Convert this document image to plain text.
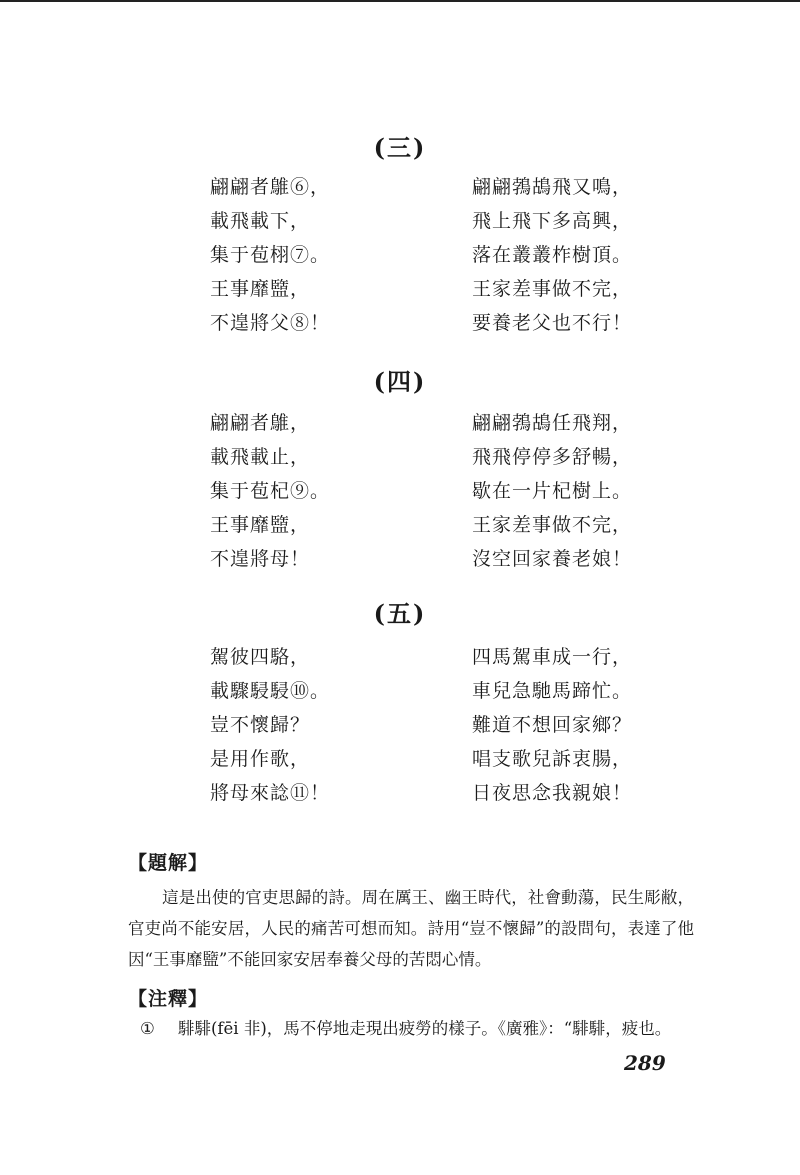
(三)
翩翩者鵻⑥，
載飛載下，
集于苞栩⑦。
王事靡盬，
不遑將父⑧！
翩翩鵓鴣飛又鳴，
飛上飛下多高興，
落在叢叢柞樹頂。
王家差事做不完，
要養老父也不行！
(四)
翩翩者鵻，
載飛載止，
集于苞杞⑨。
王事靡盬，
不遑將母！
翩翩鵓鴣任飛翔，
飛飛停停多舒暢，
歇在一片杞樹上。
王家差事做不完，
沒空回家養老娘！
(五)
駕彼四駱，
載驟駸駸⑩。
豈不懷歸？
是用作歌，
將母來諗⑪！
四馬駕車成一行，
車兒急馳馬蹄忙。
難道不想回家鄉？
唱支歌兒訴衷腸，
日夜思念我親娘！
【題解】
這是出使的官吏思歸的詩。周在厲王、幽王時代，社會動蕩，民生彫敝，官吏尚不能安居，人民的痛苦可想而知。詩用“豈不懷歸”的設問句，表達了他因“王事靡盬”不能回家安居奉養父母的苦悶心情。
【注釋】
① 騑騑(fēi 非)，馬不停地走現出疲勞的樣子。《廣雅》：“騑騑，疲也。
289
